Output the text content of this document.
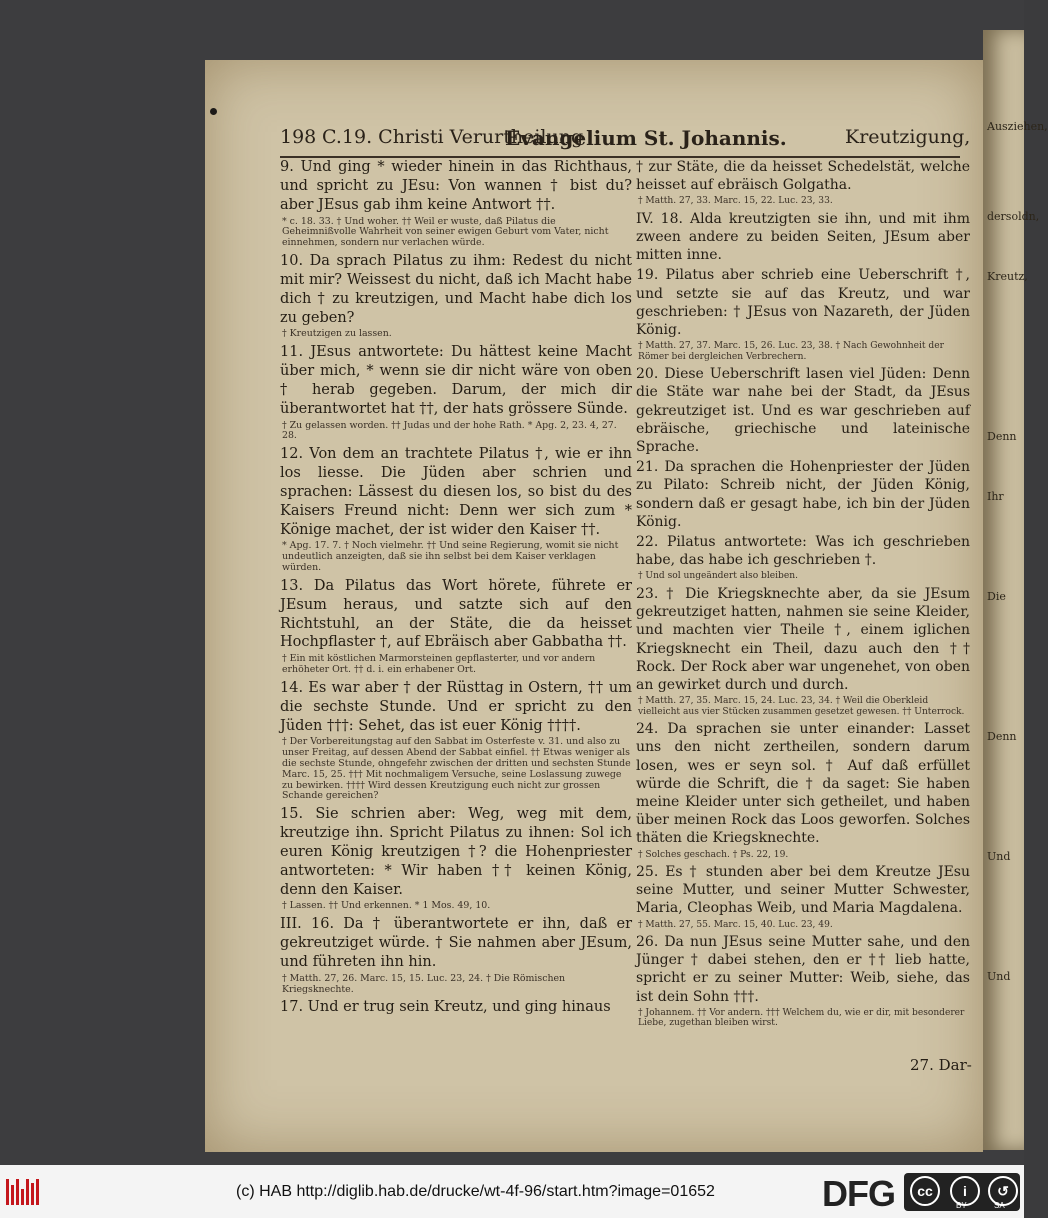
Ausziehen,
dersoldn,
Kreutz,
Denn
Ihr
Die
Denn
Und
Und
198 C.19. Christi Verurtheilung
Evangelium St. Johannis.	Kreutzigung,

9. Und ging * wieder hinein in das Richthaus, und spricht zu JEsu: Von wannen † bist du? aber JEsus gab ihm keine Antwort ††.

* c. 18. 33. † Und woher. †† Weil er wuste, daß Pilatus die Geheimnißvolle Wahrheit von seiner ewigen Geburt vom Vater, nicht einnehmen, sondern nur verlachen würde.

10. Da sprach Pilatus zu ihm: Redest du nicht mit mir? Weissest du nicht, daß ich Macht habe dich † zu kreutzigen, und Macht habe dich los zu geben?

† Kreutzigen zu lassen.

11. JEsus antwortete: Du hättest keine Macht über mich, * wenn sie dir nicht wäre von oben † herab gegeben. Darum, der mich dir überantwortet hat ††, der hats grössere Sünde.

† Zu gelassen worden. †† Judas und der hohe Rath. * Apg. 2, 23. 4, 27. 28.

12. Von dem an trachtete Pilatus †, wie er ihn los liesse. Die Jüden aber schrien und sprachen: Lässest du diesen los, so bist du des Kaisers Freund nicht: Denn wer sich zum * Könige machet, der ist wider den Kaiser ††.

* Apg. 17. 7. † Noch vielmehr. †† Und seine Regierung, womit sie nicht undeutlich anzeigten, daß sie ihn selbst bei dem Kaiser verklagen würden.

13. Da Pilatus das Wort hörete, führete er JEsum heraus, und satzte sich auf den Richtstuhl, an der Stäte, die da heisset Hochpflaster †, auf Ebräisch aber Gabbatha ††.

† Ein mit köstlichen Marmorsteinen gepflasterter, und vor andern erhöheter Ort. †† d. i. ein erhabener Ort.

14. Es war aber † der Rüsttag in Ostern, †† um die sechste Stunde. Und er spricht zu den Jüden †††: Sehet, das ist euer König ††††.

† Der Vorbereitungstag auf den Sabbat im Osterfeste v. 31. und also zu unser Freitag, auf dessen Abend der Sabbat einfiel. †† Etwas weniger als die sechste Stunde, ohngefehr zwischen der dritten und sechsten Stunde Marc. 15, 25. ††† Mit nochmaligem Versuche, seine Loslassung zuwege zu bewirken. †††† Wird dessen Kreutzigung euch nicht zur grossen Schande gereichen?

15. Sie schrien aber: Weg, weg mit dem, kreutzige ihn. Spricht Pilatus zu ihnen: Sol ich euren König kreutzigen †? die Hohenpriester antworteten: * Wir haben †† keinen König, denn den Kaiser.

† Lassen. †† Und erkennen. * 1 Mos. 49, 10.

III. 16. Da † überantwortete er ihn, daß er gekreutziget würde. † Sie nahmen aber JEsum, und führeten ihn hin.

† Matth. 27, 26. Marc. 15, 15. Luc. 23, 24. † Die Römischen Kriegsknechte.

17. Und er trug sein Kreutz, und ging hinaus

† zur Stäte, die da heisset Schedelstät, welche heisset auf ebräisch Golgatha.

† Matth. 27, 33. Marc. 15, 22. Luc. 23, 33.

IV. 18. Alda kreutzigten sie ihn, und mit ihm zween andere zu beiden Seiten, JEsum aber mitten inne.

19. Pilatus aber schrieb eine Ueberschrift †, und setzte sie auf das Kreutz, und war geschrieben: † JEsus von Nazareth, der Jüden König.

† Matth. 27, 37. Marc. 15, 26. Luc. 23, 38. † Nach Gewohnheit der Römer bei dergleichen Verbrechern.

20. Diese Ueberschrift lasen viel Jüden: Denn die Stäte war nahe bei der Stadt, da JEsus gekreutziget ist. Und es war geschrieben auf ebräische, griechische und lateinische Sprache.

21. Da sprachen die Hohenpriester der Jüden zu Pilato: Schreib nicht, der Jüden König, sondern daß er gesagt habe, ich bin der Jüden König.

22. Pilatus antwortete: Was ich geschrieben habe, das habe ich geschrieben †.

† Und sol ungeändert also bleiben.

23. † Die Kriegsknechte aber, da sie JEsum gekreutziget hatten, nahmen sie seine Kleider, und machten vier Theile †, einem iglichen Kriegsknecht ein Theil, dazu auch den †† Rock. Der Rock aber war ungenehet, von oben an gewirket durch und durch.

† Matth. 27, 35. Marc. 15, 24. Luc. 23, 34. † Weil die Oberkleid vielleicht aus vier Stücken zusammen gesetzet gewesen. †† Unterrock.

24. Da sprachen sie unter einander: Lasset uns den nicht zertheilen, sondern darum losen, wes er seyn sol. † Auf daß erfüllet würde die Schrift, die † da saget: Sie haben meine Kleider unter sich getheilet, und haben über meinen Rock das Loos geworfen. Solches thäten die Kriegsknechte.

† Solches geschach. † Ps. 22, 19.

25. Es † stunden aber bei dem Kreutze JEsu seine Mutter, und seiner Mutter Schwester, Maria, Cleophas Weib, und Maria Magdalena.

† Matth. 27, 55. Marc. 15, 40. Luc. 23, 49.

26. Da nun JEsus seine Mutter sahe, und den Jünger † dabei stehen, den er †† lieb hatte, spricht er zu seiner Mutter: Weib, siehe, das ist dein Sohn †††.

† Johannem. †† Vor andern. ††† Welchem du, wie er dir, mit besonderer Liebe, zugethan bleiben wirst.

27. Dar-
(c) HAB http://diglib.hab.de/drucke/wt-4f-96/start.htm?image=01652	DFG	cc	i	↺
BY	SA
